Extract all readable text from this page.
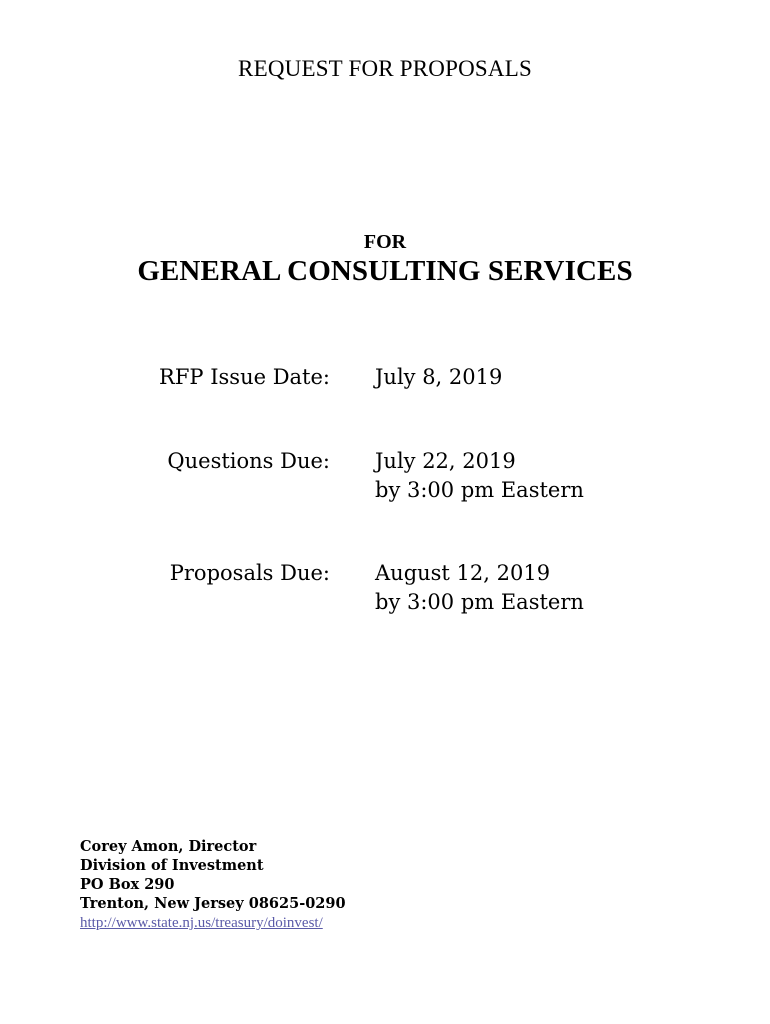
REQUEST FOR PROPOSALS
FOR
GENERAL CONSULTING SERVICES
RFP Issue Date: July 8, 2019
Questions Due: July 22, 2019
by 3:00 pm Eastern
Proposals Due: August 12, 2019
by 3:00 pm Eastern
Corey Amon, Director
Division of Investment
PO Box 290
Trenton, New Jersey 08625-0290
http://www.state.nj.us/treasury/doinvest/
